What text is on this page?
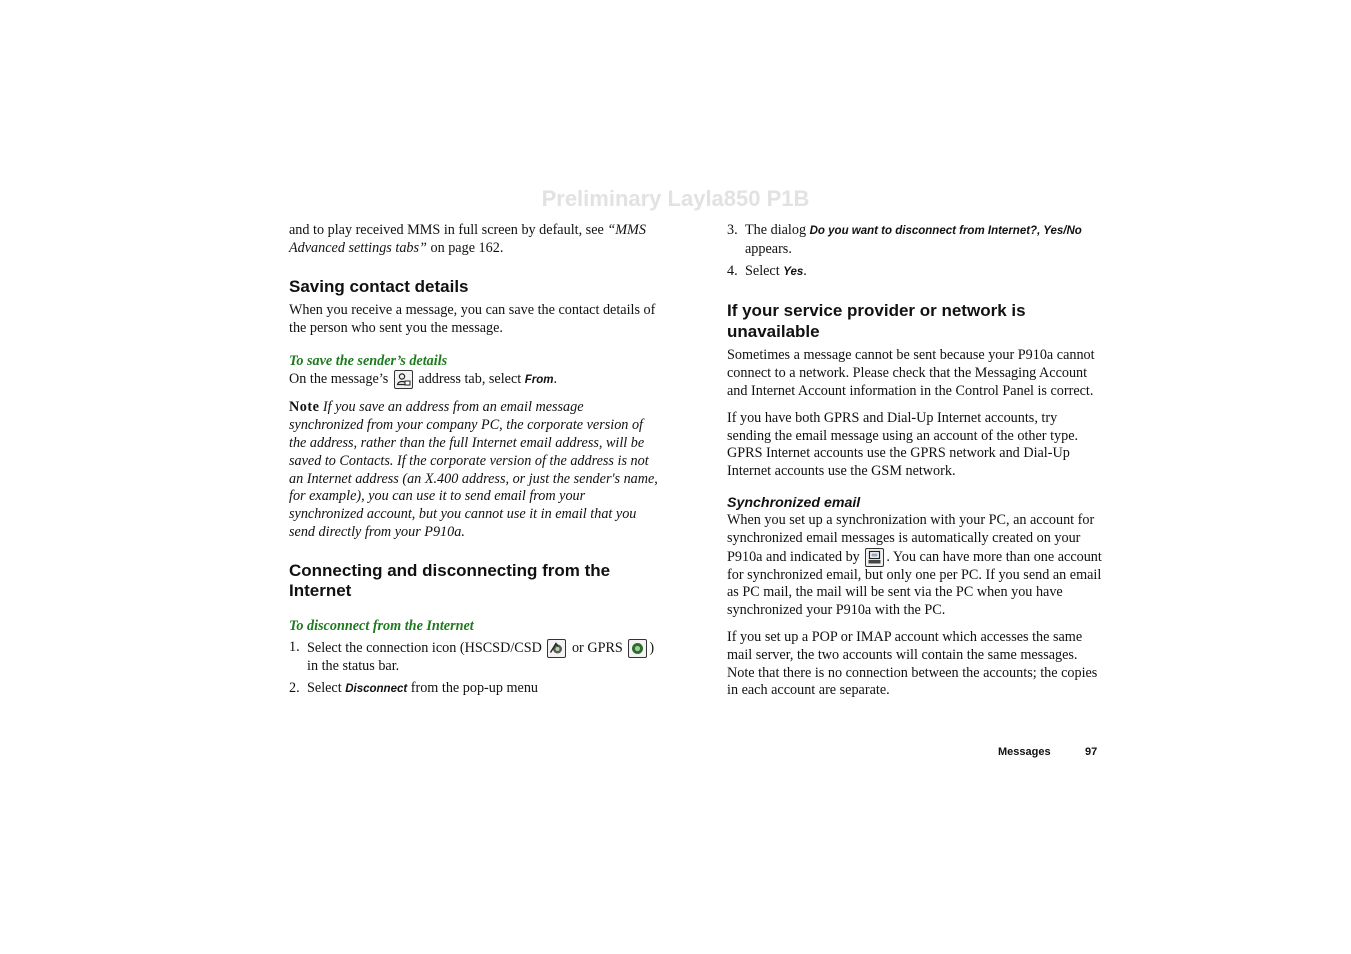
Preliminary Layla850 P1B

and to play received MMS in full screen by default, see “MMS Advanced settings tabs” on page 162.

Saving contact details

When you receive a message, you can save the contact details of the person who sent you the message.

To save the sender’s details

On the message’s  address tab, select From.

Note If you save an address from an email message synchronized from your company PC, the corporate version of the address, rather than the full Internet email address, will be saved to Contacts. If the corporate version of the address is not an Internet address (an X.400 address, or just the sender's name, for example), you can use it to send email from your synchronized account, but you cannot use it in email that you send directly from your P910a.

Connecting and disconnecting from the Internet

To disconnect from the Internet

1. Select the connection icon (HSCSD/CSD  or GPRS ) in the status bar.
2. Select Disconnect from the pop-up menu
3. The dialog Do you want to disconnect from Internet?, Yes/No appears.
4. Select Yes.
If your service provider or network is unavailable

Sometimes a message cannot be sent because your P910a cannot connect to a network. Please check that the Messaging Account and Internet Account information in the Control Panel is correct.

If you have both GPRS and Dial-Up Internet accounts, try sending the email message using an account of the other type. GPRS Internet accounts use the GPRS network and Dial-Up Internet accounts use the GSM network.

Synchronized email

When you set up a synchronization with your PC, an account for synchronized email messages is automatically created on your P910a and indicated by . You can have more than one account for synchronized email, but only one per PC. If you send an email as PC mail, the mail will be sent via the PC when you have synchronized your P910a with the PC.

If you set up a POP or IMAP account which accesses the same mail server, the two accounts will contain the same messages. Note that there is no connection between the accounts; the copies in each account are separate.

Messages	97
